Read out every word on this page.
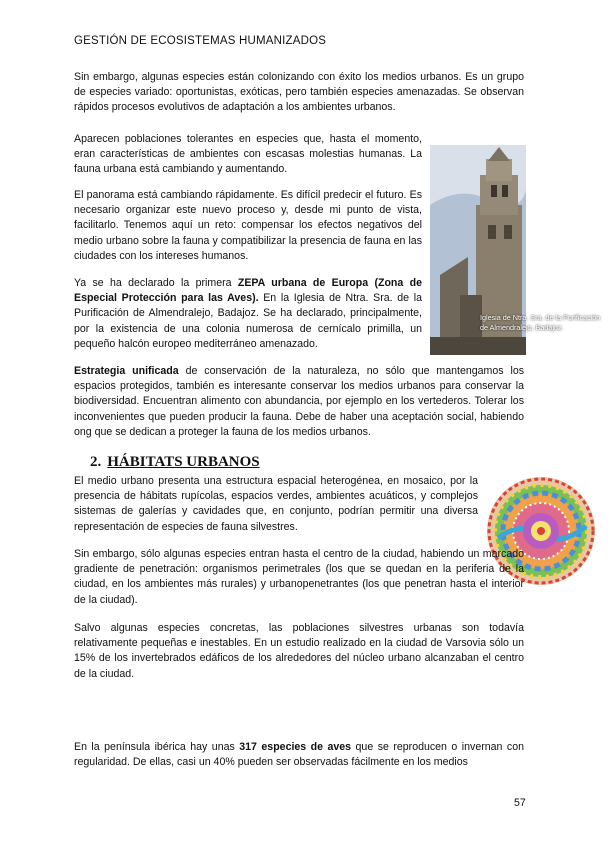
GESTIÓN DE ECOSISTEMAS HUMANIZADOS

Sin embargo, algunas especies están colonizando con éxito los medios urbanos. Es un grupo de especies variado: oportunistas, exóticas, pero también especies amenazadas. Se observan rápidos procesos evolutivos de adaptación a los ambientes urbanos.

Aparecen poblaciones tolerantes en especies que, hasta el momento, eran características de ambientes con escasas molestias humanas. La fauna urbana está cambiando y aumentando.

El panorama está cambiando rápidamente. Es difícil predecir el futuro. Es necesario organizar este nuevo proceso y, desde mi punto de vista, facilitarlo. Tenemos aquí un reto: compensar los efectos negativos del medio urbano sobre la fauna y compatibilizar la presencia de fauna en las ciudades con los intereses humanos.

Ya se ha declarado la primera ZEPA urbana de Europa (Zona de Especial Protección para las Aves). En la Iglesia de Ntra. Sra. de la Purificación de Almendralejo, Badajoz. Se ha declarado, principalmente, por la existencia de una colonia numerosa de cernícalo primilla, un pequeño halcón europeo mediterráneo amenazado.

Iglesia de Ntra. Sra. de la Purificación de Almendralejo, Badajoz.

Estrategia unificada de conservación de la naturaleza, no sólo que mantengamos los espacios protegidos, también es interesante conservar los medios urbanos para conservar la biodiversidad. Encuentran alimento con abundancia, por ejemplo en los vertederos. Tolerar los inconvenientes que pueden producir la fauna. Debe de haber una aceptación social, habiendo ong que se dedican a proteger la fauna de los medios urbanos.

2. HÁBITATS URBANOS

El medio urbano presenta una estructura espacial heterogénea, en mosaico, por la presencia de hábitats rupícolas, espacios verdes, ambientes acuáticos, y complejos sistemas de galerías y cavidades que, en conjunto, podrían permitir una diversa representación de especies de fauna silvestres.

Sin embargo, sólo algunas especies entran hasta el centro de la ciudad, habiendo un marcado gradiente de penetración: organismos perimetrales (los que se quedan en la periferia de la ciudad, en los ambientes más rurales) y urbanopenetrantes (los que penetran hasta el interior de la ciudad).

Salvo algunas especies concretas, las poblaciones silvestres urbanas son todavía relativamente pequeñas e inestables. En un estudio realizado en la ciudad de Varsovia sólo un 15% de los invertebrados edáficos de los alrededores del núcleo urbano alcanzaban el centro de la ciudad.

En la península ibérica hay unas 317 especies de aves que se reproducen o invernan con regularidad. De ellas, casi un 40% pueden ser observadas fácilmente en los medios

57
